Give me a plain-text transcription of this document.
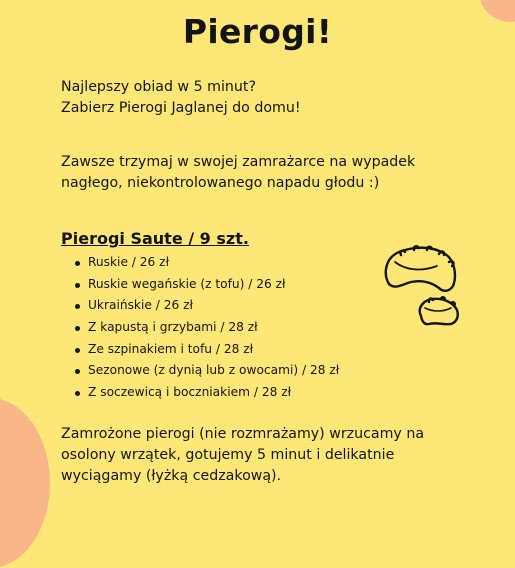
Pierogi!
Najlepszy obiad w 5 minut?
Zabierz Pierogi Jaglanej do domu!
Zawsze trzymaj w swojej zamrażarce na wypadek
nagłego, niekontrolowanego napadu głodu :)
Pierogi Saute / 9 szt.
Ruskie / 26 zł
Ruskie wegańskie (z tofu) / 26 zł
Ukraińskie / 26 zł
Z kapustą i grzybami / 28 zł
Ze szpinakiem i tofu / 28 zł
Sezonowe (z dynią lub z owocami) / 28 zł
Z soczewicą i boczniakiem / 28 zł
Zamrożone pierogi (nie rozmrażamy) wrzucamy na
osolony wrzątek, gotujemy 5 minut i delikatnie
wyciągamy (łyżką cedzakową).
